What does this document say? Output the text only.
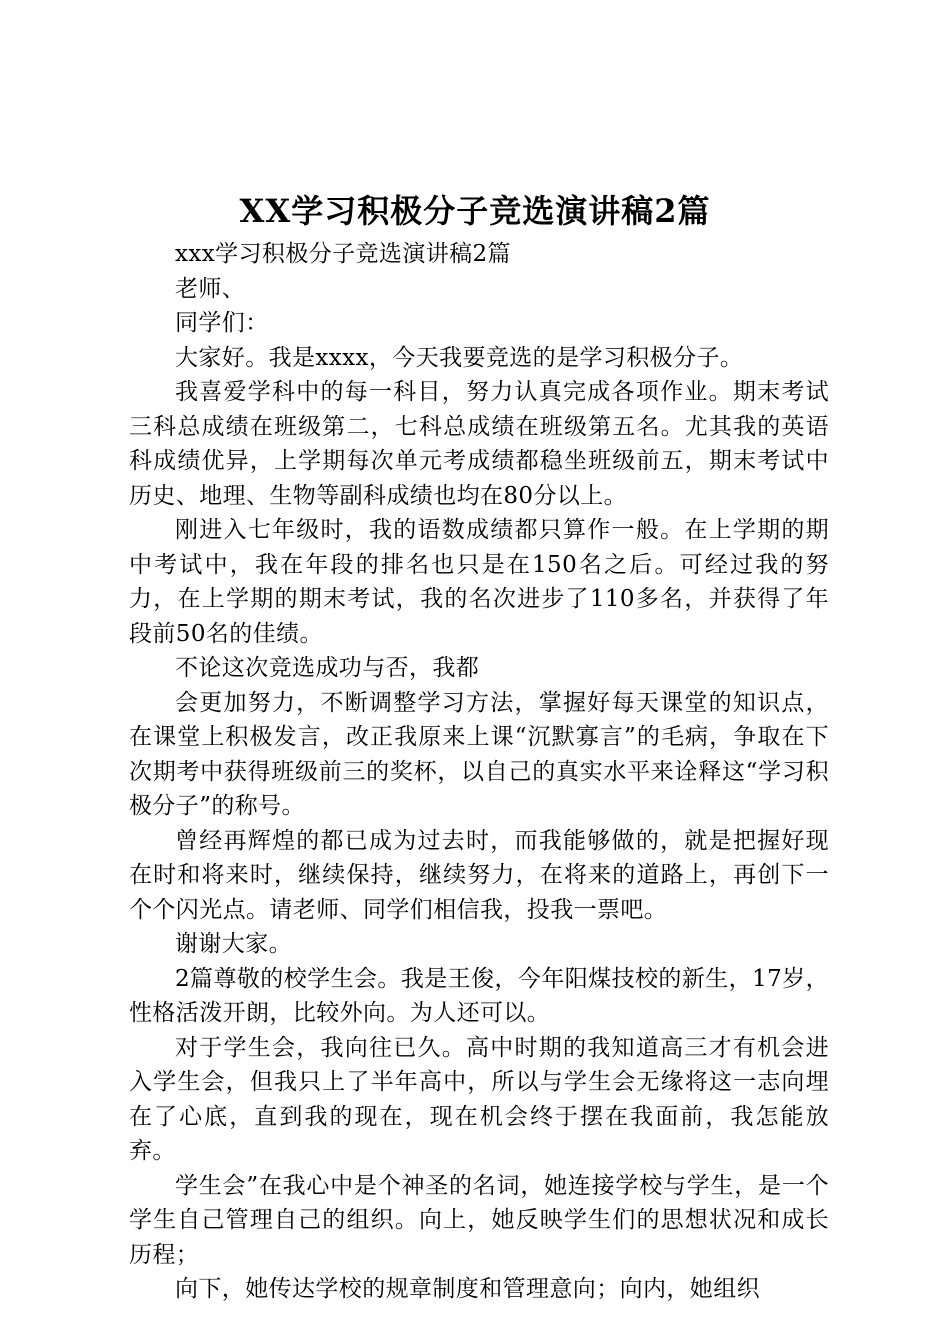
XX学习积极分子竞选演讲稿2篇

xxx学习积极分子竞选演讲稿2篇

老师、

同学们：

大家好。我是xxxx，今天我要竞选的是学习积极分子。

我喜爱学科中的每一科目，努力认真完成各项作业。期末考试三科总成绩在班级第二，七科总成绩在班级第五名。尤其我的英语科成绩优异，上学期每次单元考成绩都稳坐班级前五，期末考试中历史、地理、生物等副科成绩也均在80分以上。

刚进入七年级时，我的语数成绩都只算作一般。在上学期的期中考试中，我在年段的排名也只是在150名之后。可经过我的努力，在上学期的期末考试，我的名次进步了110多名，并获得了年段前50名的佳绩。

不论这次竞选成功与否，我都

会更加努力，不断调整学习方法，掌握好每天课堂的知识点，在课堂上积极发言，改正我原来上课“沉默寡言”的毛病，争取在下次期考中获得班级前三的奖杯，以自己的真实水平来诠释这“学习积极分子”的称号。

曾经再辉煌的都已成为过去时，而我能够做的，就是把握好现在时和将来时，继续保持，继续努力，在将来的道路上，再创下一个个闪光点。请老师、同学们相信我，投我一票吧。

谢谢大家。

2篇尊敬的校学生会。我是王俊，今年阳煤技校的新生，17岁，性格活泼开朗，比较外向。为人还可以。

对于学生会，我向往已久。高中时期的我知道高三才有机会进入学生会，但我只上了半年高中，所以与学生会无缘将这一志向埋在了心底，直到我的现在，现在机会终于摆在我面前，我怎能放弃。

学生会”在我心中是个神圣的名词，她连接学校与学生，是一个学生自己管理自己的组织。向上，她反映学生们的思想状况和成长历程；

向下，她传达学校的规章制度和管理意向；向内，她组织
